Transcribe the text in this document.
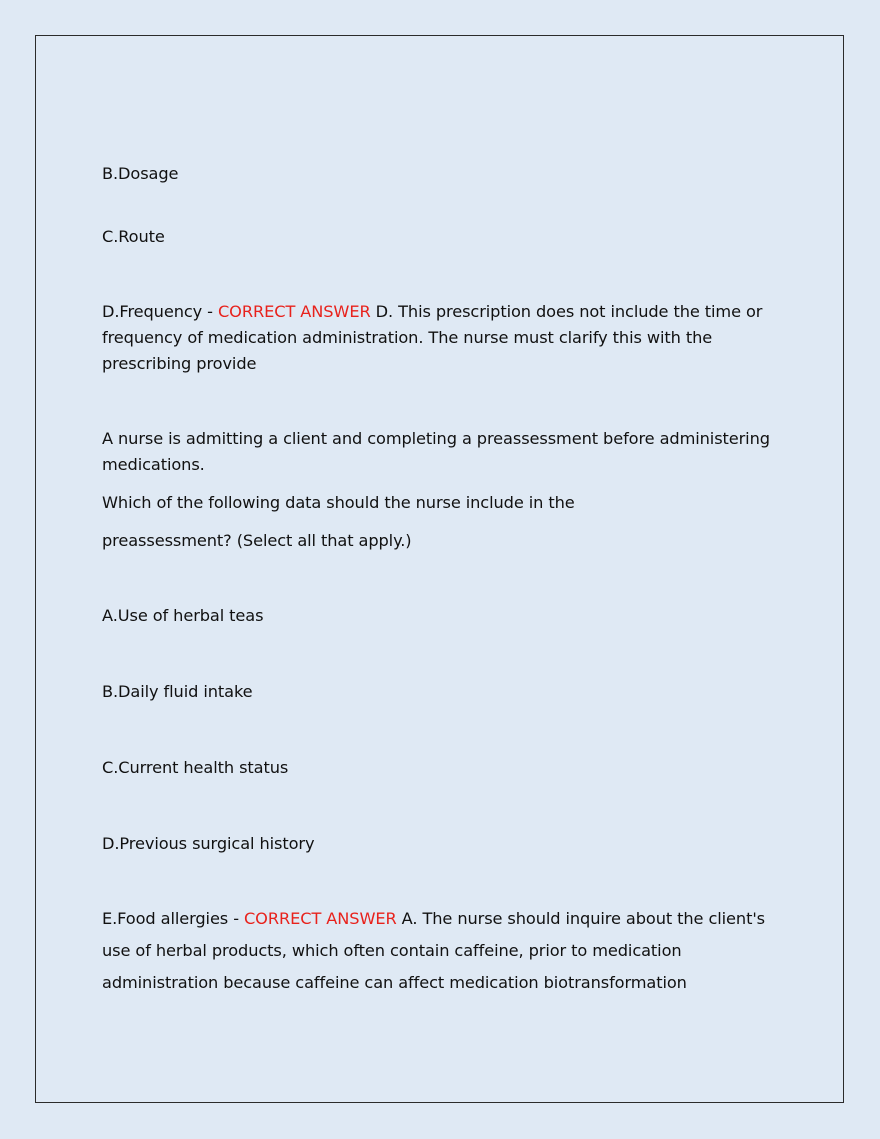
B.Dosage
C.Route
D.Frequency - CORRECT ANSWER D. This prescription does not include the time or frequency of medication administration. The nurse must clarify this with the prescribing provide
A nurse is admitting a client and completing a preassessment before administering medications.
Which of the following data should the nurse include in the
preassessment? (Select all that apply.)
A.Use of herbal teas
B.Daily fluid intake
C.Current health status
D.Previous surgical history
E.Food allergies - CORRECT ANSWER A. The nurse should inquire about the client's
use of herbal products, which often contain caffeine, prior to medication
administration because caffeine can affect medication biotransformation
